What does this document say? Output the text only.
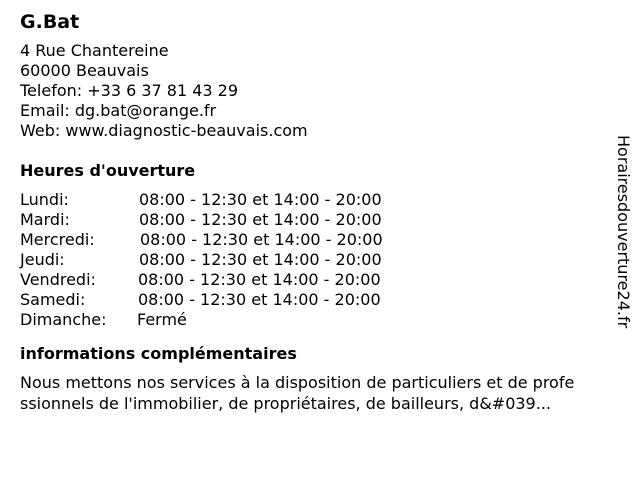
G.Bat
4 Rue Chantereine
60000 Beauvais
Telefon: +33 6 37 81 43 29
Email: dg.bat@orange.fr
Web: www.diagnostic-beauvais.com
Heures d'ouverture
Lundi:	08:00 - 12:30 et 14:00 - 20:00
Mardi:	08:00 - 12:30 et 14:00 - 20:00
Mercredi:	08:00 - 12:30 et 14:00 - 20:00
Jeudi:	08:00 - 12:30 et 14:00 - 20:00
Vendredi:	08:00 - 12:30 et 14:00 - 20:00
Samedi:	08:00 - 12:30 et 14:00 - 20:00
Dimanche: Fermé
informations complémentaires
Nous mettons nos services à la disposition de particuliers et de profe
ssionnels de l'immobilier, de propriétaires, de bailleurs, d&#039...
Horairesdouverture24.fr
